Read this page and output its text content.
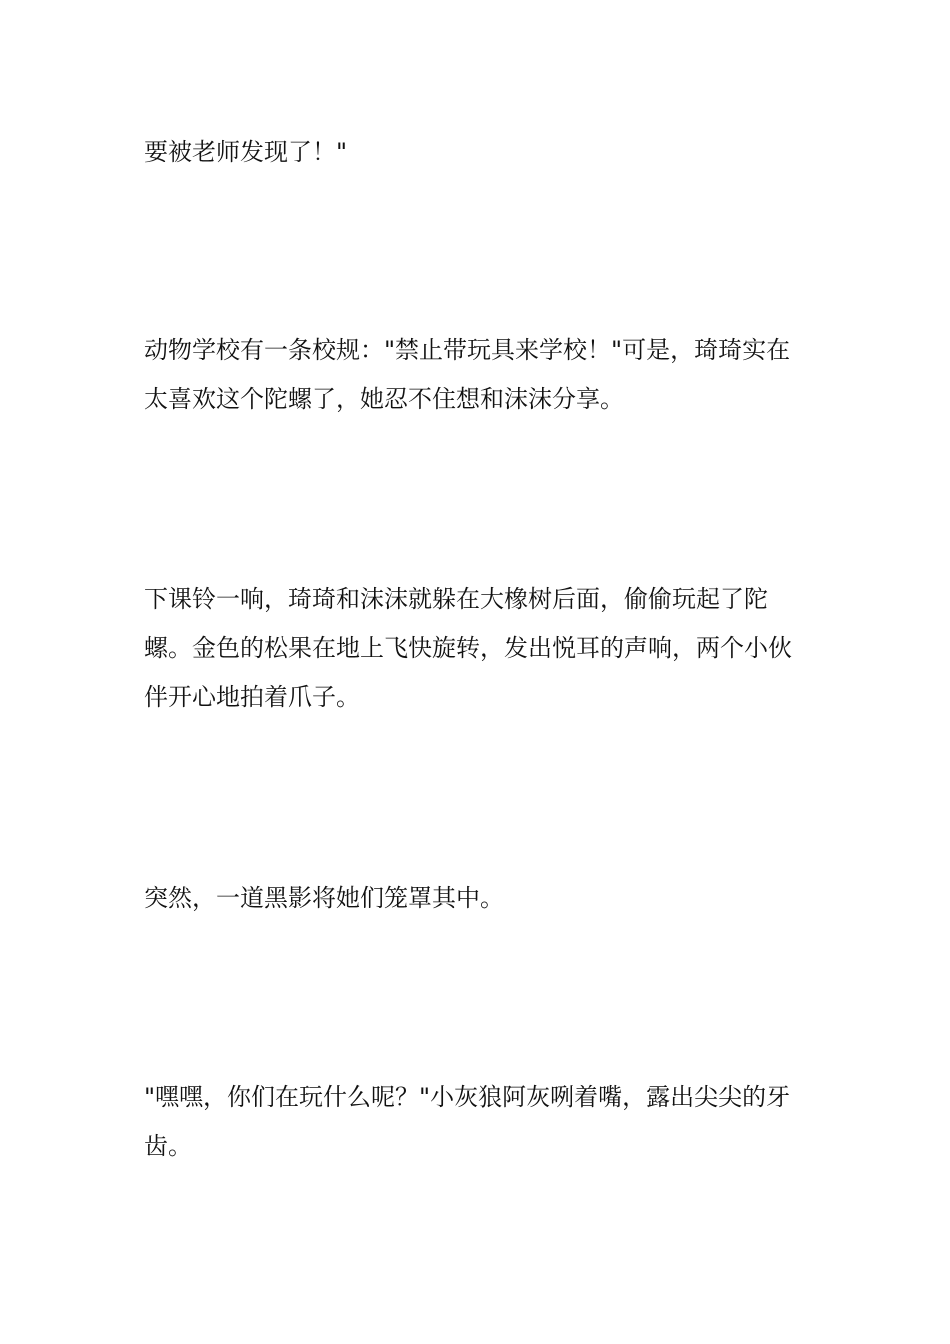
要被老师发现了！"

动物学校有一条校规："禁止带玩具来学校！"可是，琦琦实在太喜欢这个陀螺了，她忍不住想和沫沫分享。

下课铃一响，琦琦和沫沫就躲在大橡树后面，偷偷玩起了陀螺。金色的松果在地上飞快旋转，发出悦耳的声响，两个小伙伴开心地拍着爪子。

突然，一道黑影将她们笼罩其中。

"嘿嘿，你们在玩什么呢？"小灰狼阿灰咧着嘴，露出尖尖的牙齿。
